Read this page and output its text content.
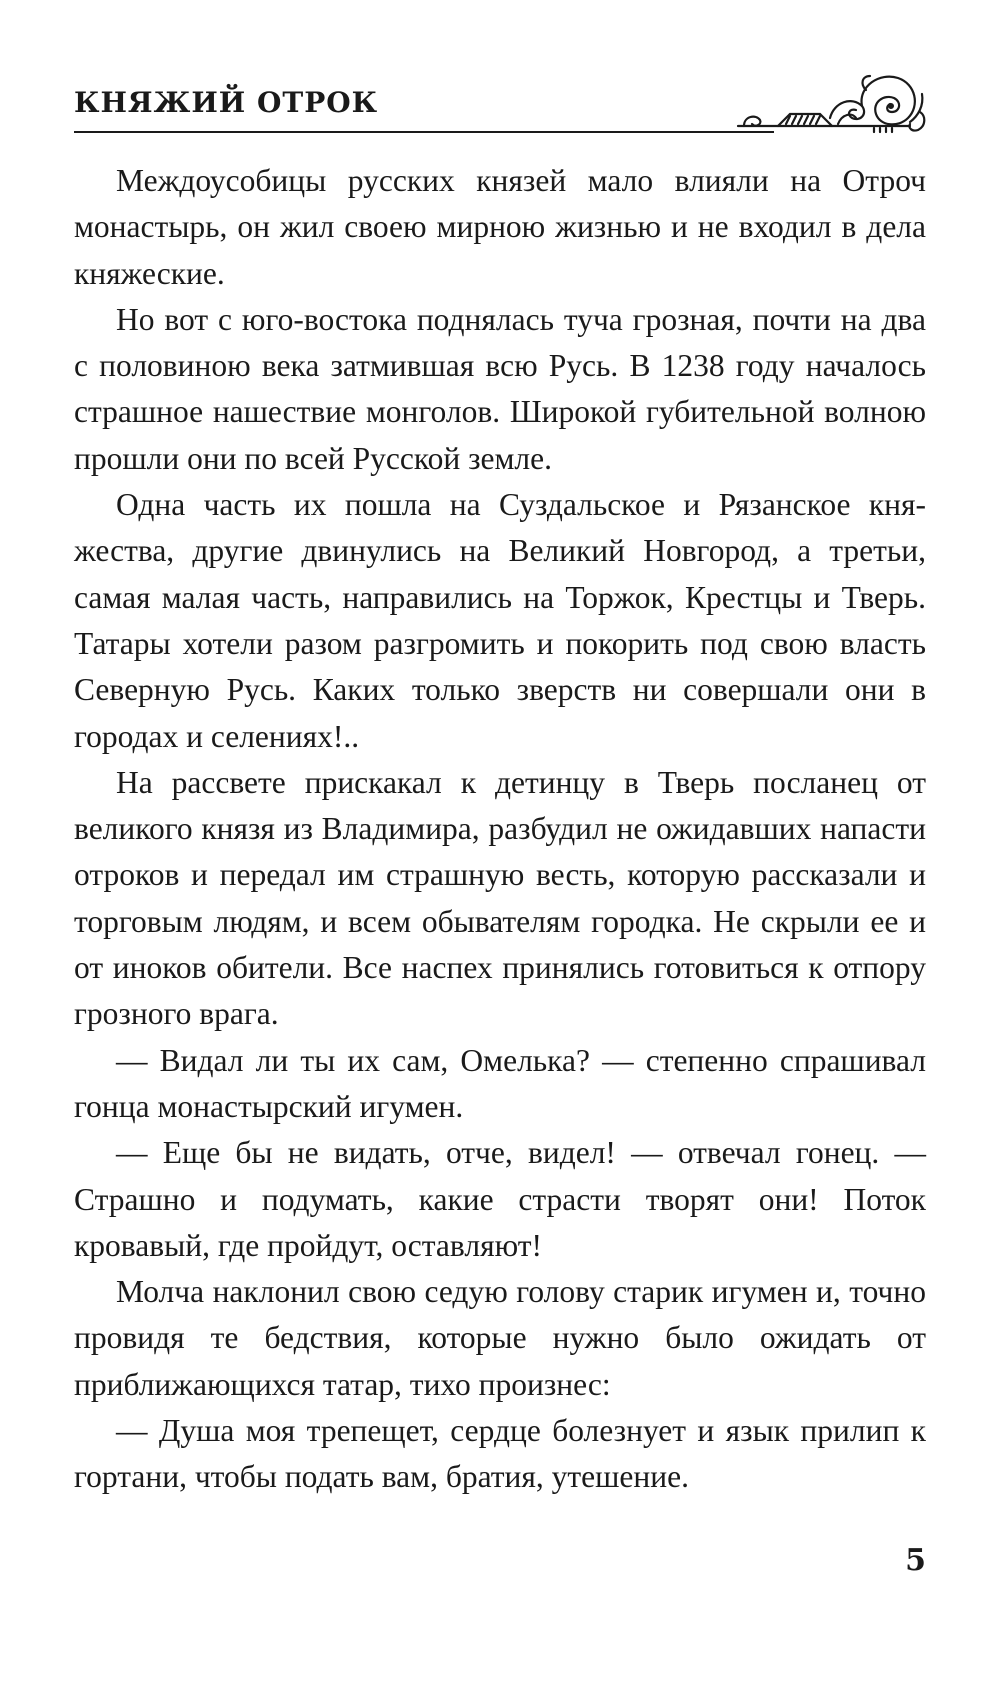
КНЯЖИЙ ОТРОК

Междоусобицы русских князей мало влияли на Отроч монастырь, он жил своею мирною жизнью и не входил в дела княжеские.

Но вот с юго-востока поднялась туча грозная, почти на два с половиною века затмившая всю Русь. В 1238 году началось страшное нашествие монголов. Широкой губительной волною прошли они по всей Русской земле.

Одна часть их пошла на Суздальское и Рязанское княжества, другие двинулись на Великий Новгород, а третьи, самая малая часть, направились на Торжок, Крестцы и Тверь. Татары хотели разом разгромить и покорить под свою власть Северную Русь. Каких только зверств ни совершали они в городах и селениях!..

На рассвете прискакал к детинцу в Тверь посланец от великого князя из Владимира, разбудил не ожидавших напасти отроков и передал им страшную весть, которую рассказали и торговым людям, и всем обывателям городка. Не скрыли ее и от иноков обители. Все наспех принялись готовиться к отпору грозного врага.

— Видал ли ты их сам, Омелька? — степенно спрашивал гонца монастырский игумен.

— Еще бы не видать, отче, видел! — отвечал гонец. — Страшно и подумать, какие страсти творят они! Поток кровавый, где пройдут, оставляют!

Молча наклонил свою седую голову старик игумен и, точно провидя те бедствия, которые нужно было ожидать от приближающихся татар, тихо произнес:

— Душа моя трепещет, сердце болезнует и язык прилип к гортани, чтобы подать вам, братия, утешение.

5
